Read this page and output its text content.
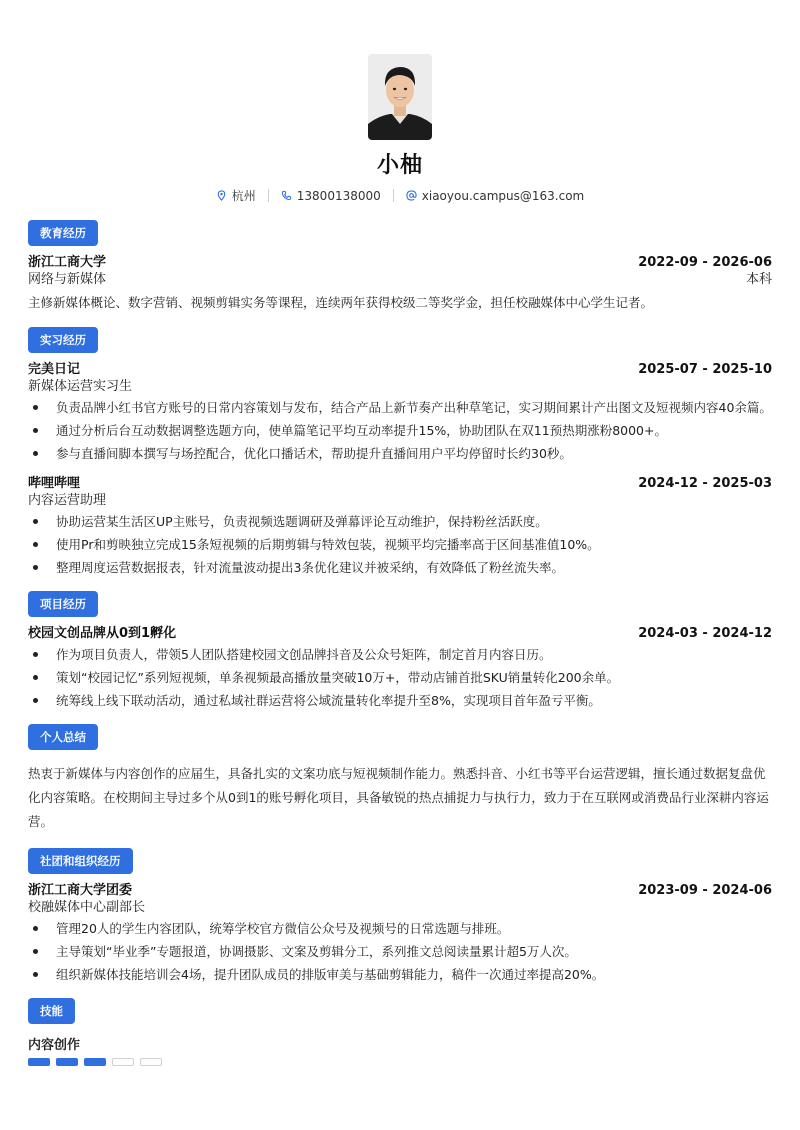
小柚
杭州	13800138000	xiaoyou.campus@163.com
教育经历
浙江工商大学	2022-09 - 2026-06
网络与新媒体	本科
主修新媒体概论、数字营销、视频剪辑实务等课程，连续两年获得校级二等奖学金，担任校融媒体中心学生记者。
实习经历
完美日记	2025-07 - 2025-10
新媒体运营实习生
负责品牌小红书官方账号的日常内容策划与发布，结合产品上新节奏产出种草笔记，实习期间累计产出图文及短视频内容40余篇。
通过分析后台互动数据调整选题方向，使单篇笔记平均互动率提升15%，协助团队在双11预热期涨粉8000+。
参与直播间脚本撰写与场控配合，优化口播话术，帮助提升直播间用户平均停留时长约30秒。
哔哩哔哩	2024-12 - 2025-03
内容运营助理
协助运营某生活区UP主账号，负责视频选题调研及弹幕评论互动维护，保持粉丝活跃度。
使用Pr和剪映独立完成15条短视频的后期剪辑与特效包装，视频平均完播率高于区间基准值10%。
整理周度运营数据报表，针对流量波动提出3条优化建议并被采纳，有效降低了粉丝流失率。
项目经历
校园文创品牌从0到1孵化	2024-03 - 2024-12
作为项目负责人，带领5人团队搭建校园文创品牌抖音及公众号矩阵，制定首月内容日历。
策划“校园记忆”系列短视频，单条视频最高播放量突破10万+，带动店铺首批SKU销量转化200余单。
统筹线上线下联动活动，通过私域社群运营将公域流量转化率提升至8%，实现项目首年盈亏平衡。
个人总结
热衷于新媒体与内容创作的应届生，具备扎实的文案功底与短视频制作能力。熟悉抖音、小红书等平台运营逻辑，擅长通过数据复盘优化内容策略。在校期间主导过多个从0到1的账号孵化项目，具备敏锐的热点捕捉力与执行力，致力于在互联网或消费品行业深耕内容运营。
社团和组织经历
浙江工商大学团委	2023-09 - 2024-06
校融媒体中心副部长
管理20人的学生内容团队，统筹学校官方微信公众号及视频号的日常选题与排班。
主导策划“毕业季”专题报道，协调摄影、文案及剪辑分工，系列推文总阅读量累计超5万人次。
组织新媒体技能培训会4场，提升团队成员的排版审美与基础剪辑能力，稿件一次通过率提高20%。
技能
内容创作
